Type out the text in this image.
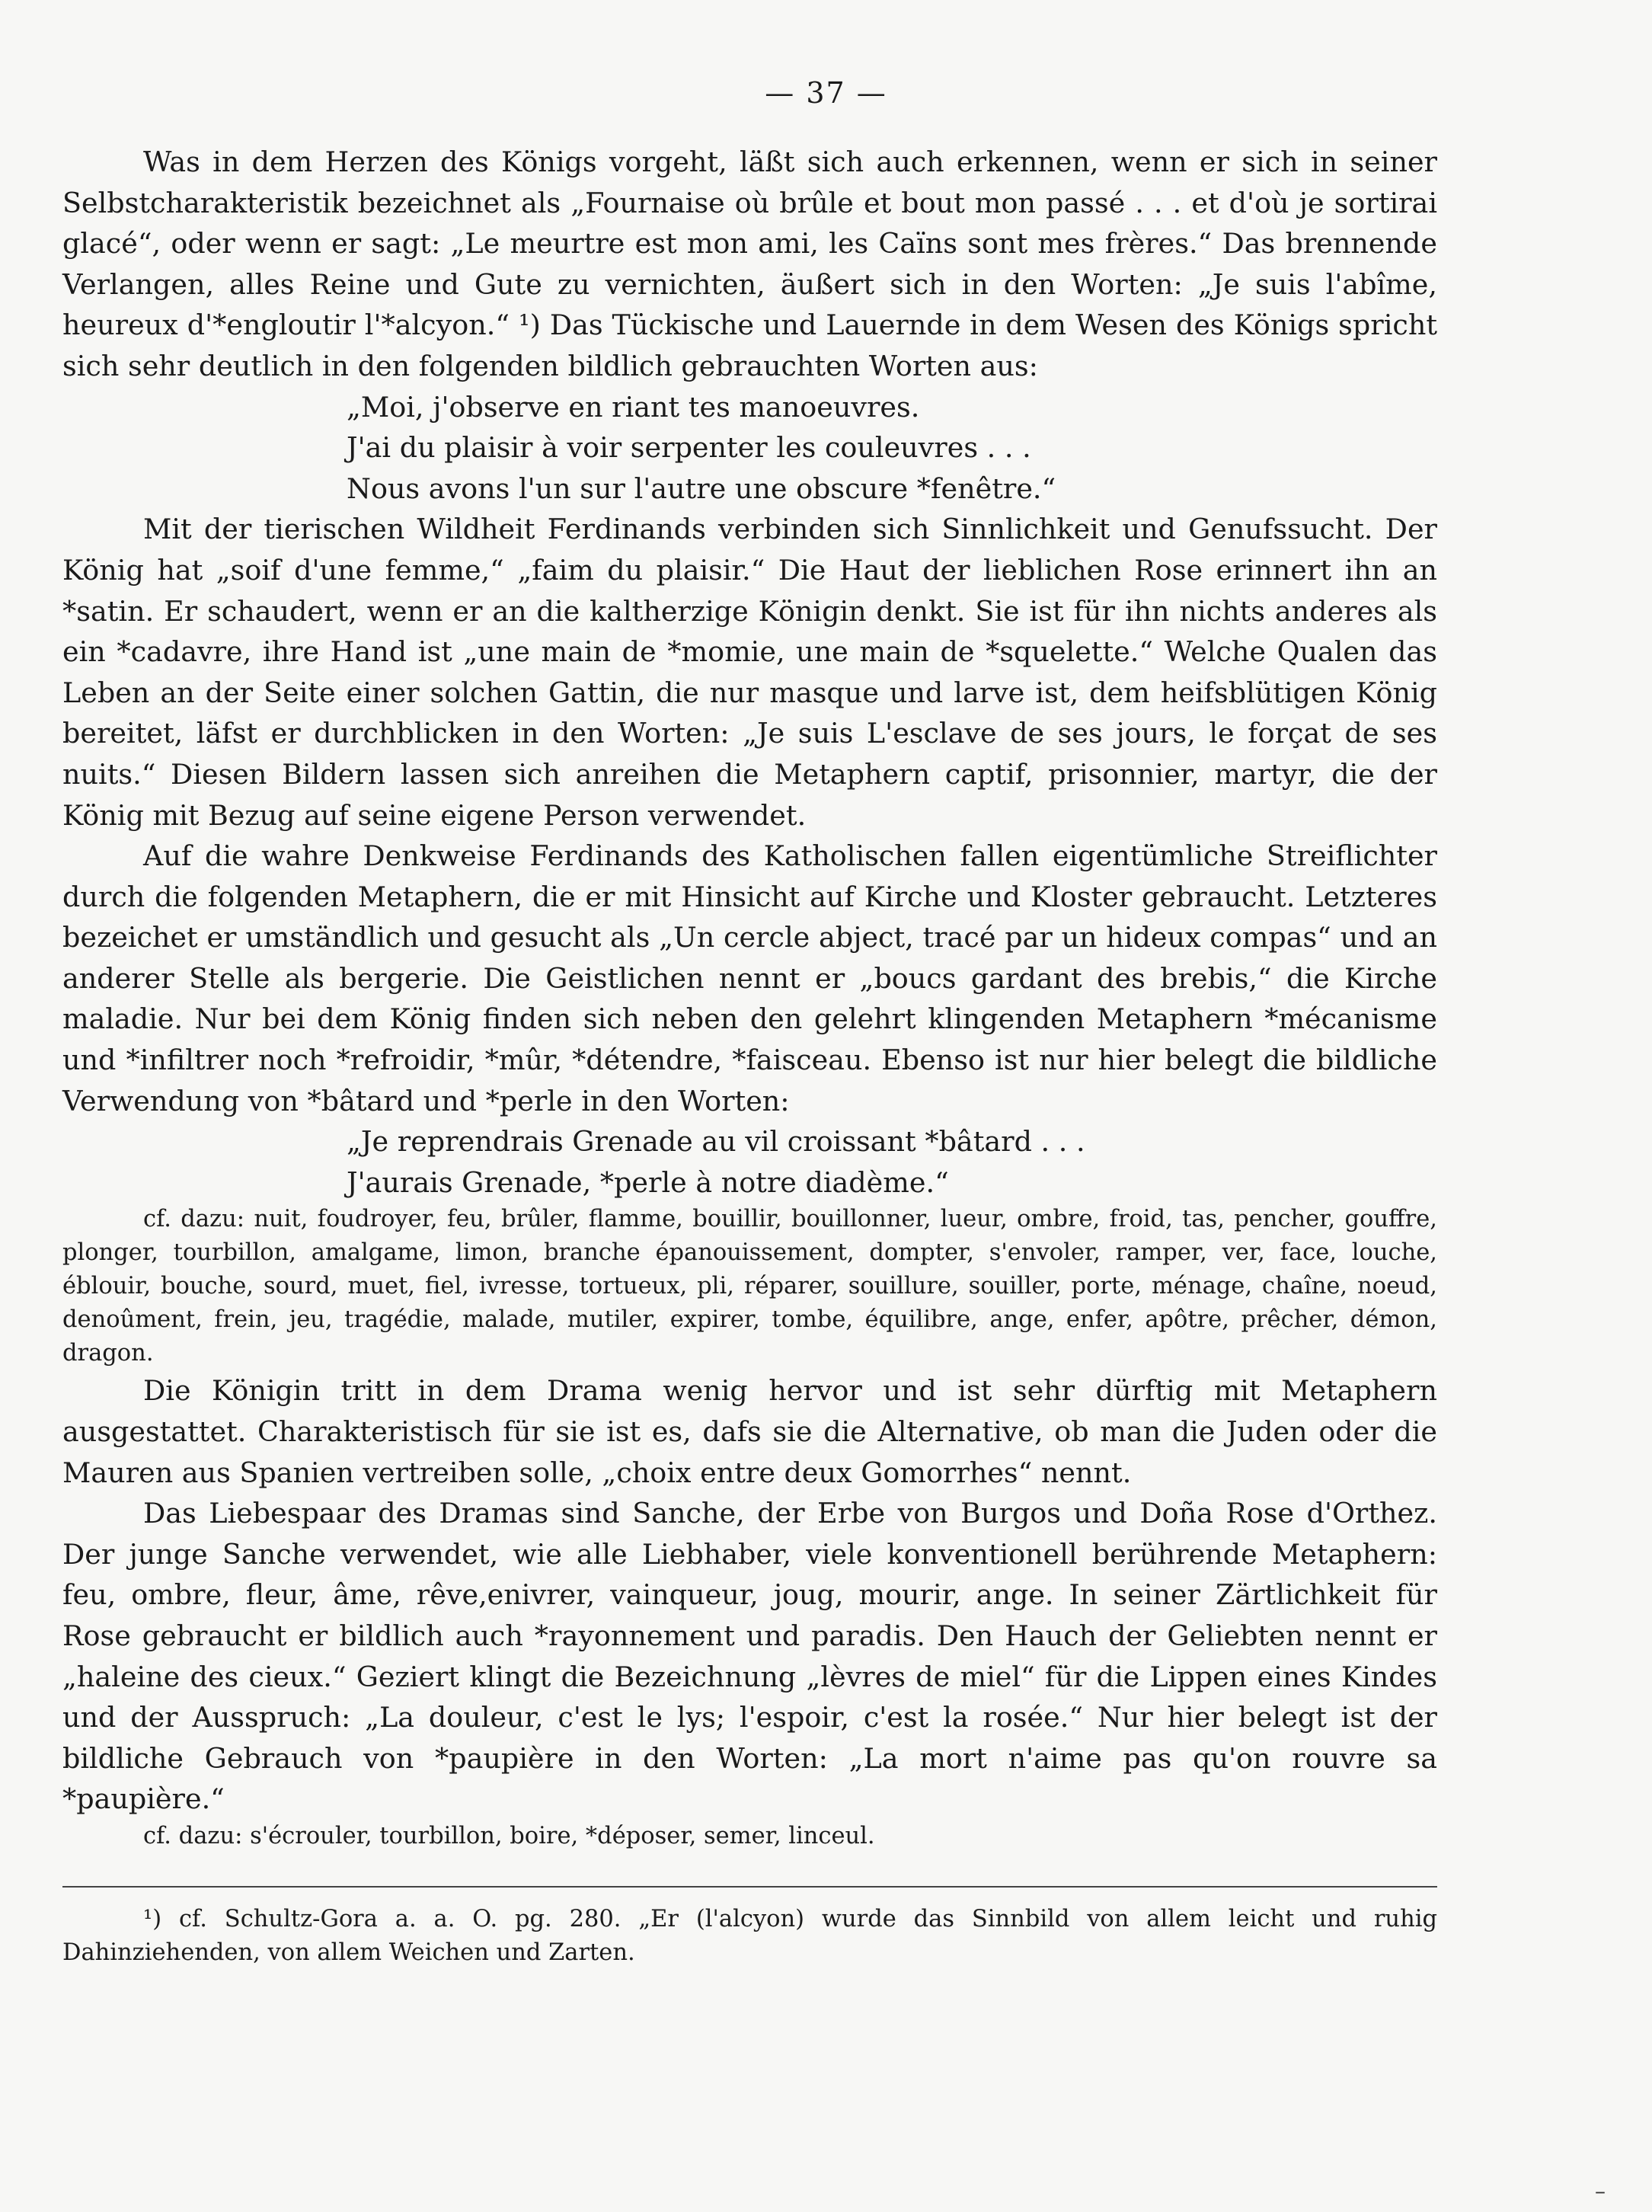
— 37 —

Was in dem Herzen des Königs vorgeht, läßt sich auch erkennen, wenn er sich in seiner Selbstcharakteristik bezeichnet als „Fournaise où brûle et bout mon passé . . . et d'où je sortirai glacé“, oder wenn er sagt: „Le meurtre est mon ami, les Caïns sont mes frères.“ Das brennende Verlangen, alles Reine und Gute zu vernichten, äußert sich in den Worten: „Je suis l'abîme, heureux d'*engloutir l'*alcyon.“ ¹) Das Tückische und Lauernde in dem Wesen des Königs spricht sich sehr deutlich in den folgenden bildlich gebrauchten Worten aus:

„Moi, j'observe en riant tes manoeuvres.

J'ai du plaisir à voir serpenter les couleuvres . . .

Nous avons l'un sur l'autre une obscure *fenêtre.“

Mit der tierischen Wildheit Ferdinands verbinden sich Sinnlichkeit und Genufssucht. Der König hat „soif d'une femme,“ „faim du plaisir.“ Die Haut der lieblichen Rose erinnert ihn an *satin. Er schaudert, wenn er an die kaltherzige Königin denkt. Sie ist für ihn nichts anderes als ein *cadavre, ihre Hand ist „une main de *momie, une main de *squelette.“ Welche Qualen das Leben an der Seite einer solchen Gattin, die nur masque und larve ist, dem heifsblütigen König bereitet, läfst er durchblicken in den Worten: „Je suis L'esclave de ses jours, le forçat de ses nuits.“ Diesen Bildern lassen sich anreihen die Metaphern captif, prisonnier, martyr, die der König mit Bezug auf seine eigene Person verwendet.

Auf die wahre Denkweise Ferdinands des Katholischen fallen eigentümliche Streiflichter durch die folgenden Metaphern, die er mit Hinsicht auf Kirche und Kloster gebraucht. Letzteres bezeichet er umständlich und gesucht als „Un cercle abject, tracé par un hideux compas“ und an anderer Stelle als bergerie. Die Geistlichen nennt er „boucs gardant des brebis,“ die Kirche maladie. Nur bei dem König finden sich neben den gelehrt klingenden Metaphern *mécanisme und *infiltrer noch *refroidir, *mûr, *détendre, *faisceau. Ebenso ist nur hier belegt die bildliche Verwendung von *bâtard und *perle in den Worten:

„Je reprendrais Grenade au vil croissant *bâtard . . .

J'aurais Grenade, *perle à notre diadème.“

cf. dazu: nuit, foudroyer, feu, brûler, flamme, bouillir, bouillonner, lueur, ombre, froid, tas, pencher, gouffre, plonger, tourbillon, amalgame, limon, branche épanouissement, dompter, s'envoler, ramper, ver, face, louche, éblouir, bouche, sourd, muet, fiel, ivresse, tortueux, pli, réparer, souillure, souiller, porte, ménage, chaîne, noeud, denoûment, frein, jeu, tragédie, malade, mutiler, expirer, tombe, équilibre, ange, enfer, apôtre, prêcher, démon, dragon.

Die Königin tritt in dem Drama wenig hervor und ist sehr dürftig mit Metaphern ausgestattet. Charakteristisch für sie ist es, dafs sie die Alternative, ob man die Juden oder die Mauren aus Spanien vertreiben solle, „choix entre deux Gomorrhes“ nennt.

Das Liebespaar des Dramas sind Sanche, der Erbe von Burgos und Doña Rose d'Orthez. Der junge Sanche verwendet, wie alle Liebhaber, viele konventionell berührende Metaphern: feu, ombre, fleur, âme, rêve,enivrer, vainqueur, joug, mourir, ange. In seiner Zärtlichkeit für Rose gebraucht er bildlich auch *rayonnement und paradis. Den Hauch der Geliebten nennt er „haleine des cieux.“ Geziert klingt die Bezeichnung „lèvres de miel“ für die Lippen eines Kindes und der Ausspruch: „La douleur, c'est le lys; l'espoir, c'est la rosée.“ Nur hier belegt ist der bildliche Gebrauch von *paupière in den Worten: „La mort n'aime pas qu'on rouvre sa *paupière.“

cf. dazu: s'écrouler, tourbillon, boire, *déposer, semer, linceul.

¹) cf. Schultz-Gora a. a. O. pg. 280. „Er (l'alcyon) wurde das Sinnbild von allem leicht und ruhig Dahinziehenden, von allem Weichen und Zarten.

–
